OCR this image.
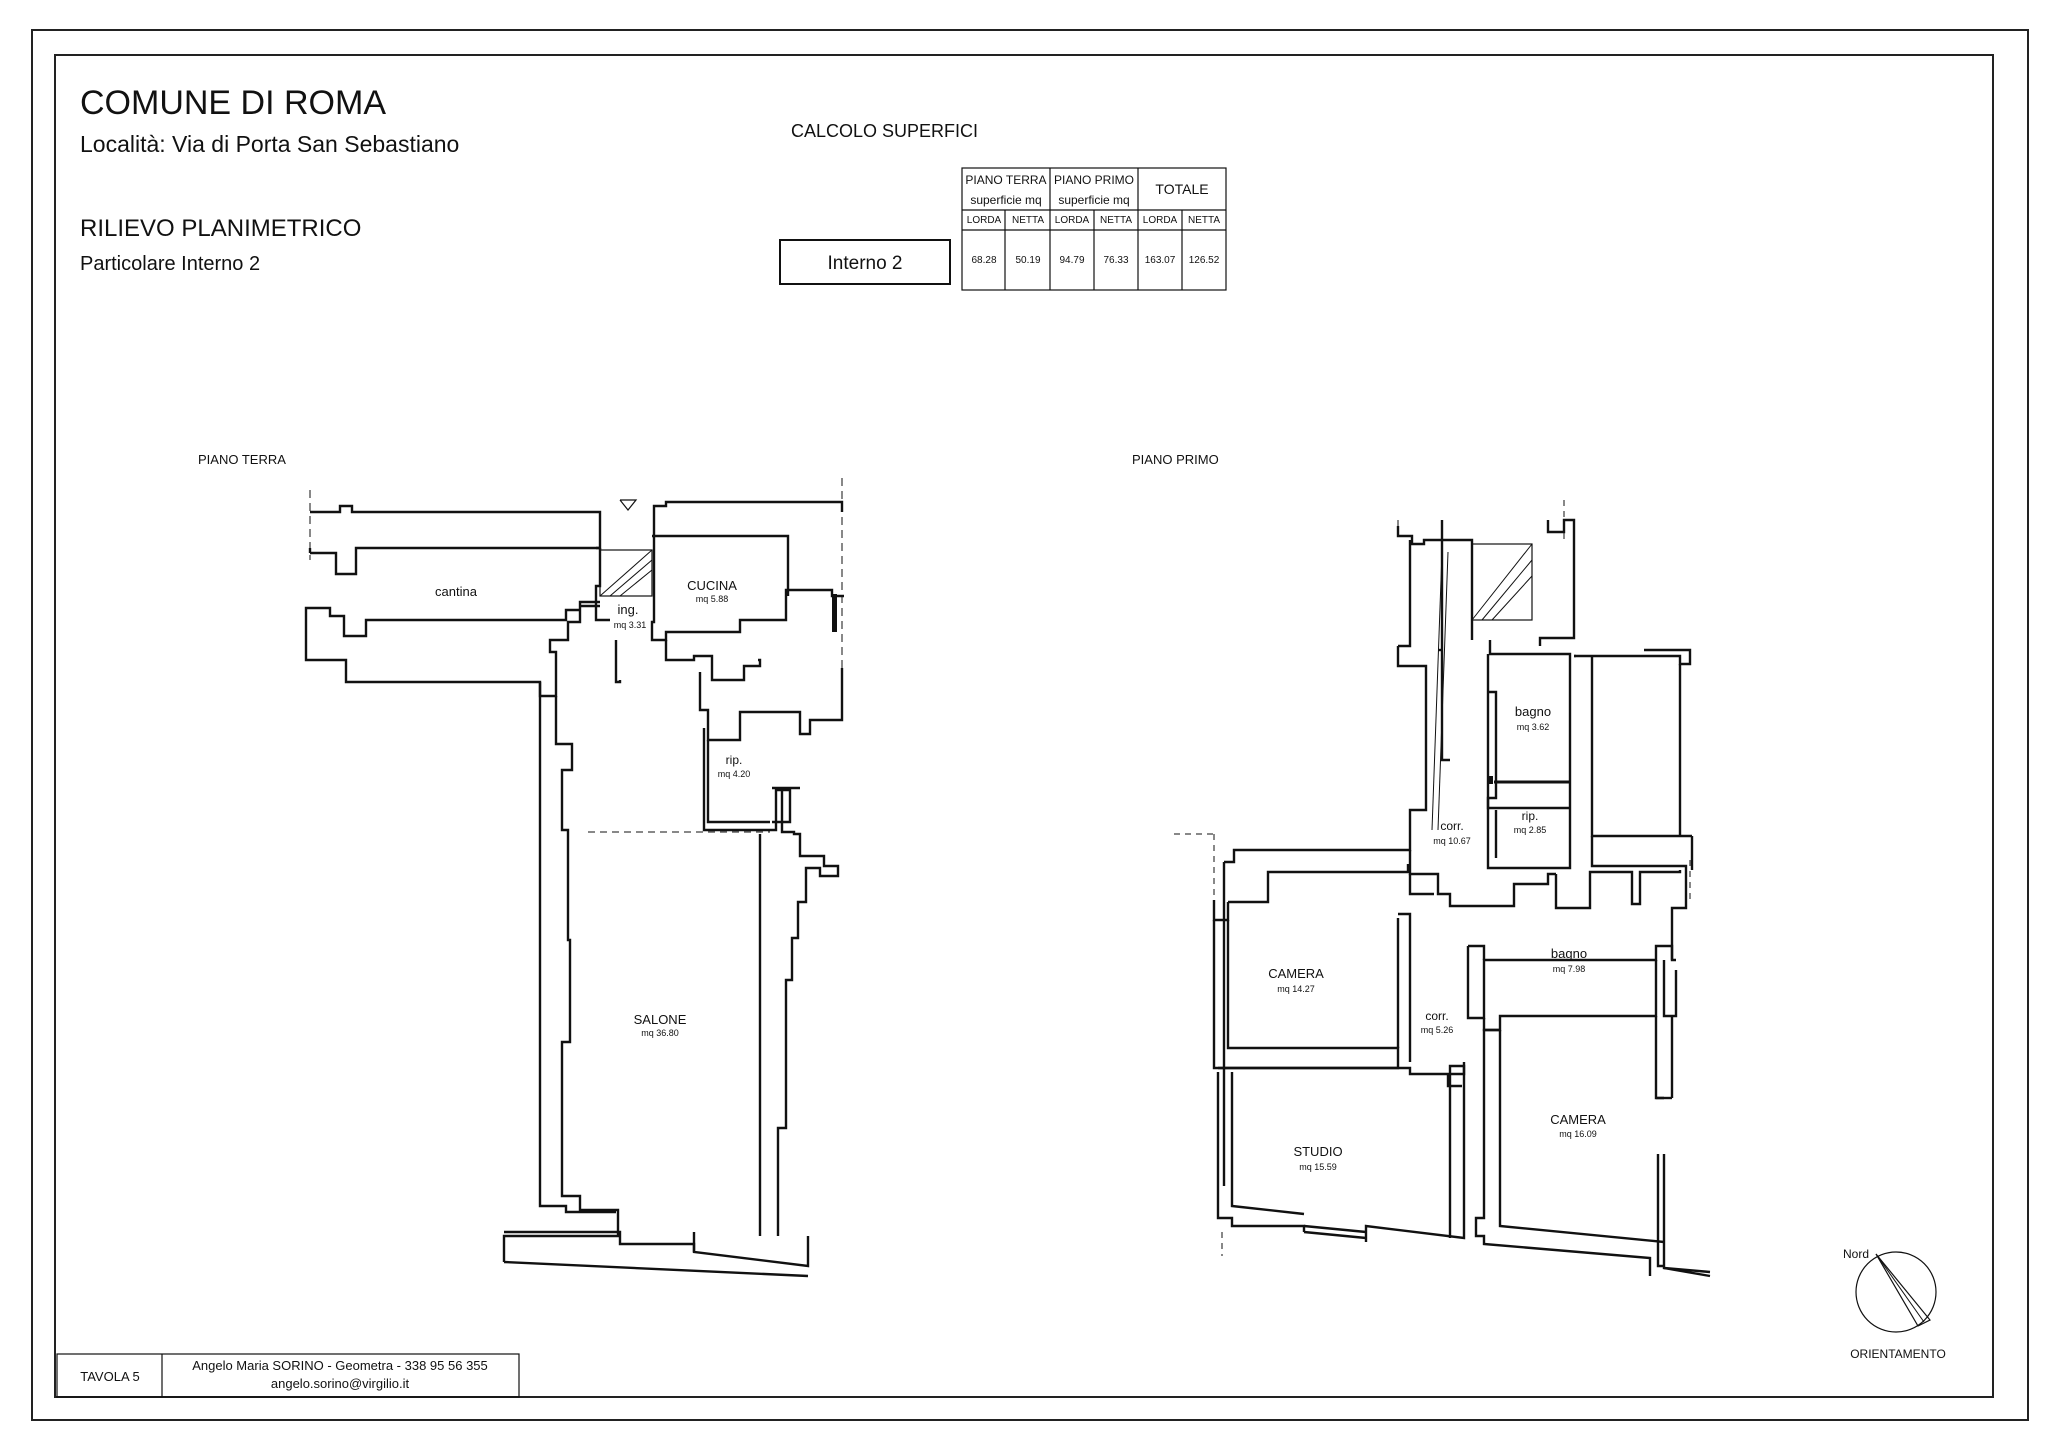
COMUNE DI ROMA
Località: Via di Porta San Sebastiano
RILIEVO PLANIMETRICO
Particolare Interno 2
CALCOLO SUPERFICI
Interno 2
PIANO TERRA
superficie mq
PIANO PRIMO
superficie mq
TOTALE
LORDA NETTA LORDA NETTA LORDA NETTA
68.28 50.19 94.79 76.33 163.07 126.52
PIANO TERRA
cantina	CUCINA
mq 5.88
ing.
mq 3.31
rip.
mq 4.20
SALONE
mq 36.80
PIANO PRIMO
bagno
mq 3.62
rip.
mq 2.85
corr.
mq 10.67
bagno
mq 7.98
CAMERA
mq 14.27
corr.
mq 5.26
STUDIO
mq 15.59
CAMERA
mq 16.09
Nord
ORIENTAMENTO
TAVOLA 5
Angelo Maria SORINO - Geometra - 338 95 56 355
angelo.sorino@virgilio.it
